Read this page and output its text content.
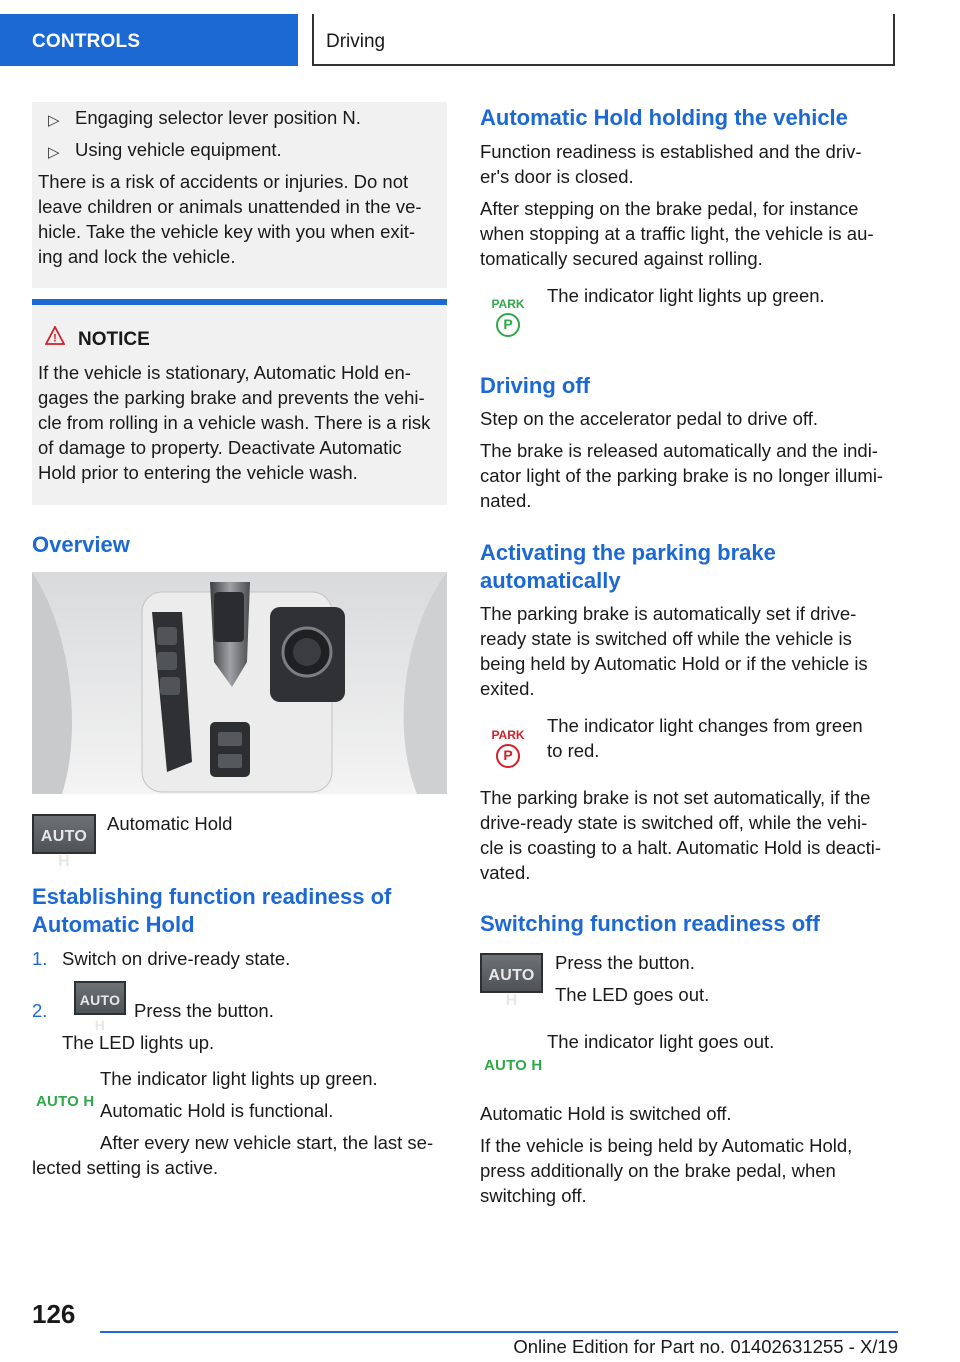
CONTROLS	Driving
▷ Engaging selector lever position N.
▷ Using vehicle equipment.
There is a risk of accidents or injuries. Do not
leave children or animals unattended in the ve-
hicle. Take the vehicle key with you when exit-
ing and lock the vehicle.
! NOTICE
If the vehicle is stationary, Automatic Hold en-
gages the parking brake and prevents the vehi-
cle from rolling in a vehicle wash. There is a risk
of damage to property. Deactivate Automatic
Hold prior to entering the vehicle wash.
Overview
AUTO H
Automatic Hold
Establishing function readiness of
Automatic Hold
1. Switch on drive-ready state.
2.	AUTO H
Press the button.
The LED lights up.
AUTO H
The indicator light lights up green.
Automatic Hold is functional.
After every new vehicle start, the last se-
lected setting is active.
Automatic Hold holding the vehicle
Function readiness is established and the driv-
er's door is closed.
After stepping on the brake pedal, for instance
when stopping at a traffic light, the vehicle is au-
tomatically secured against rolling.
PARK
P
The indicator light lights up green.
Driving off
Step on the accelerator pedal to drive off.
The brake is released automatically and the indi-
cator light of the parking brake is no longer illumi-
nated.
Activating the parking brake
automatically
The parking brake is automatically set if drive-
ready state is switched off while the vehicle is
being held by Automatic Hold or if the vehicle is
exited.
PARK
P
The indicator light changes from green
to red.
The parking brake is not set automatically, if the
drive-ready state is switched off, while the vehi-
cle is coasting to a halt. Automatic Hold is deacti-
vated.
Switching function readiness off
AUTO H
Press the button.
The LED goes out.
AUTO H
The indicator light goes out.
Automatic Hold is switched off.
If the vehicle is being held by Automatic Hold,
press additionally on the brake pedal, when
switching off.
126
Online Edition for Part no. 01402631255 - X/19
